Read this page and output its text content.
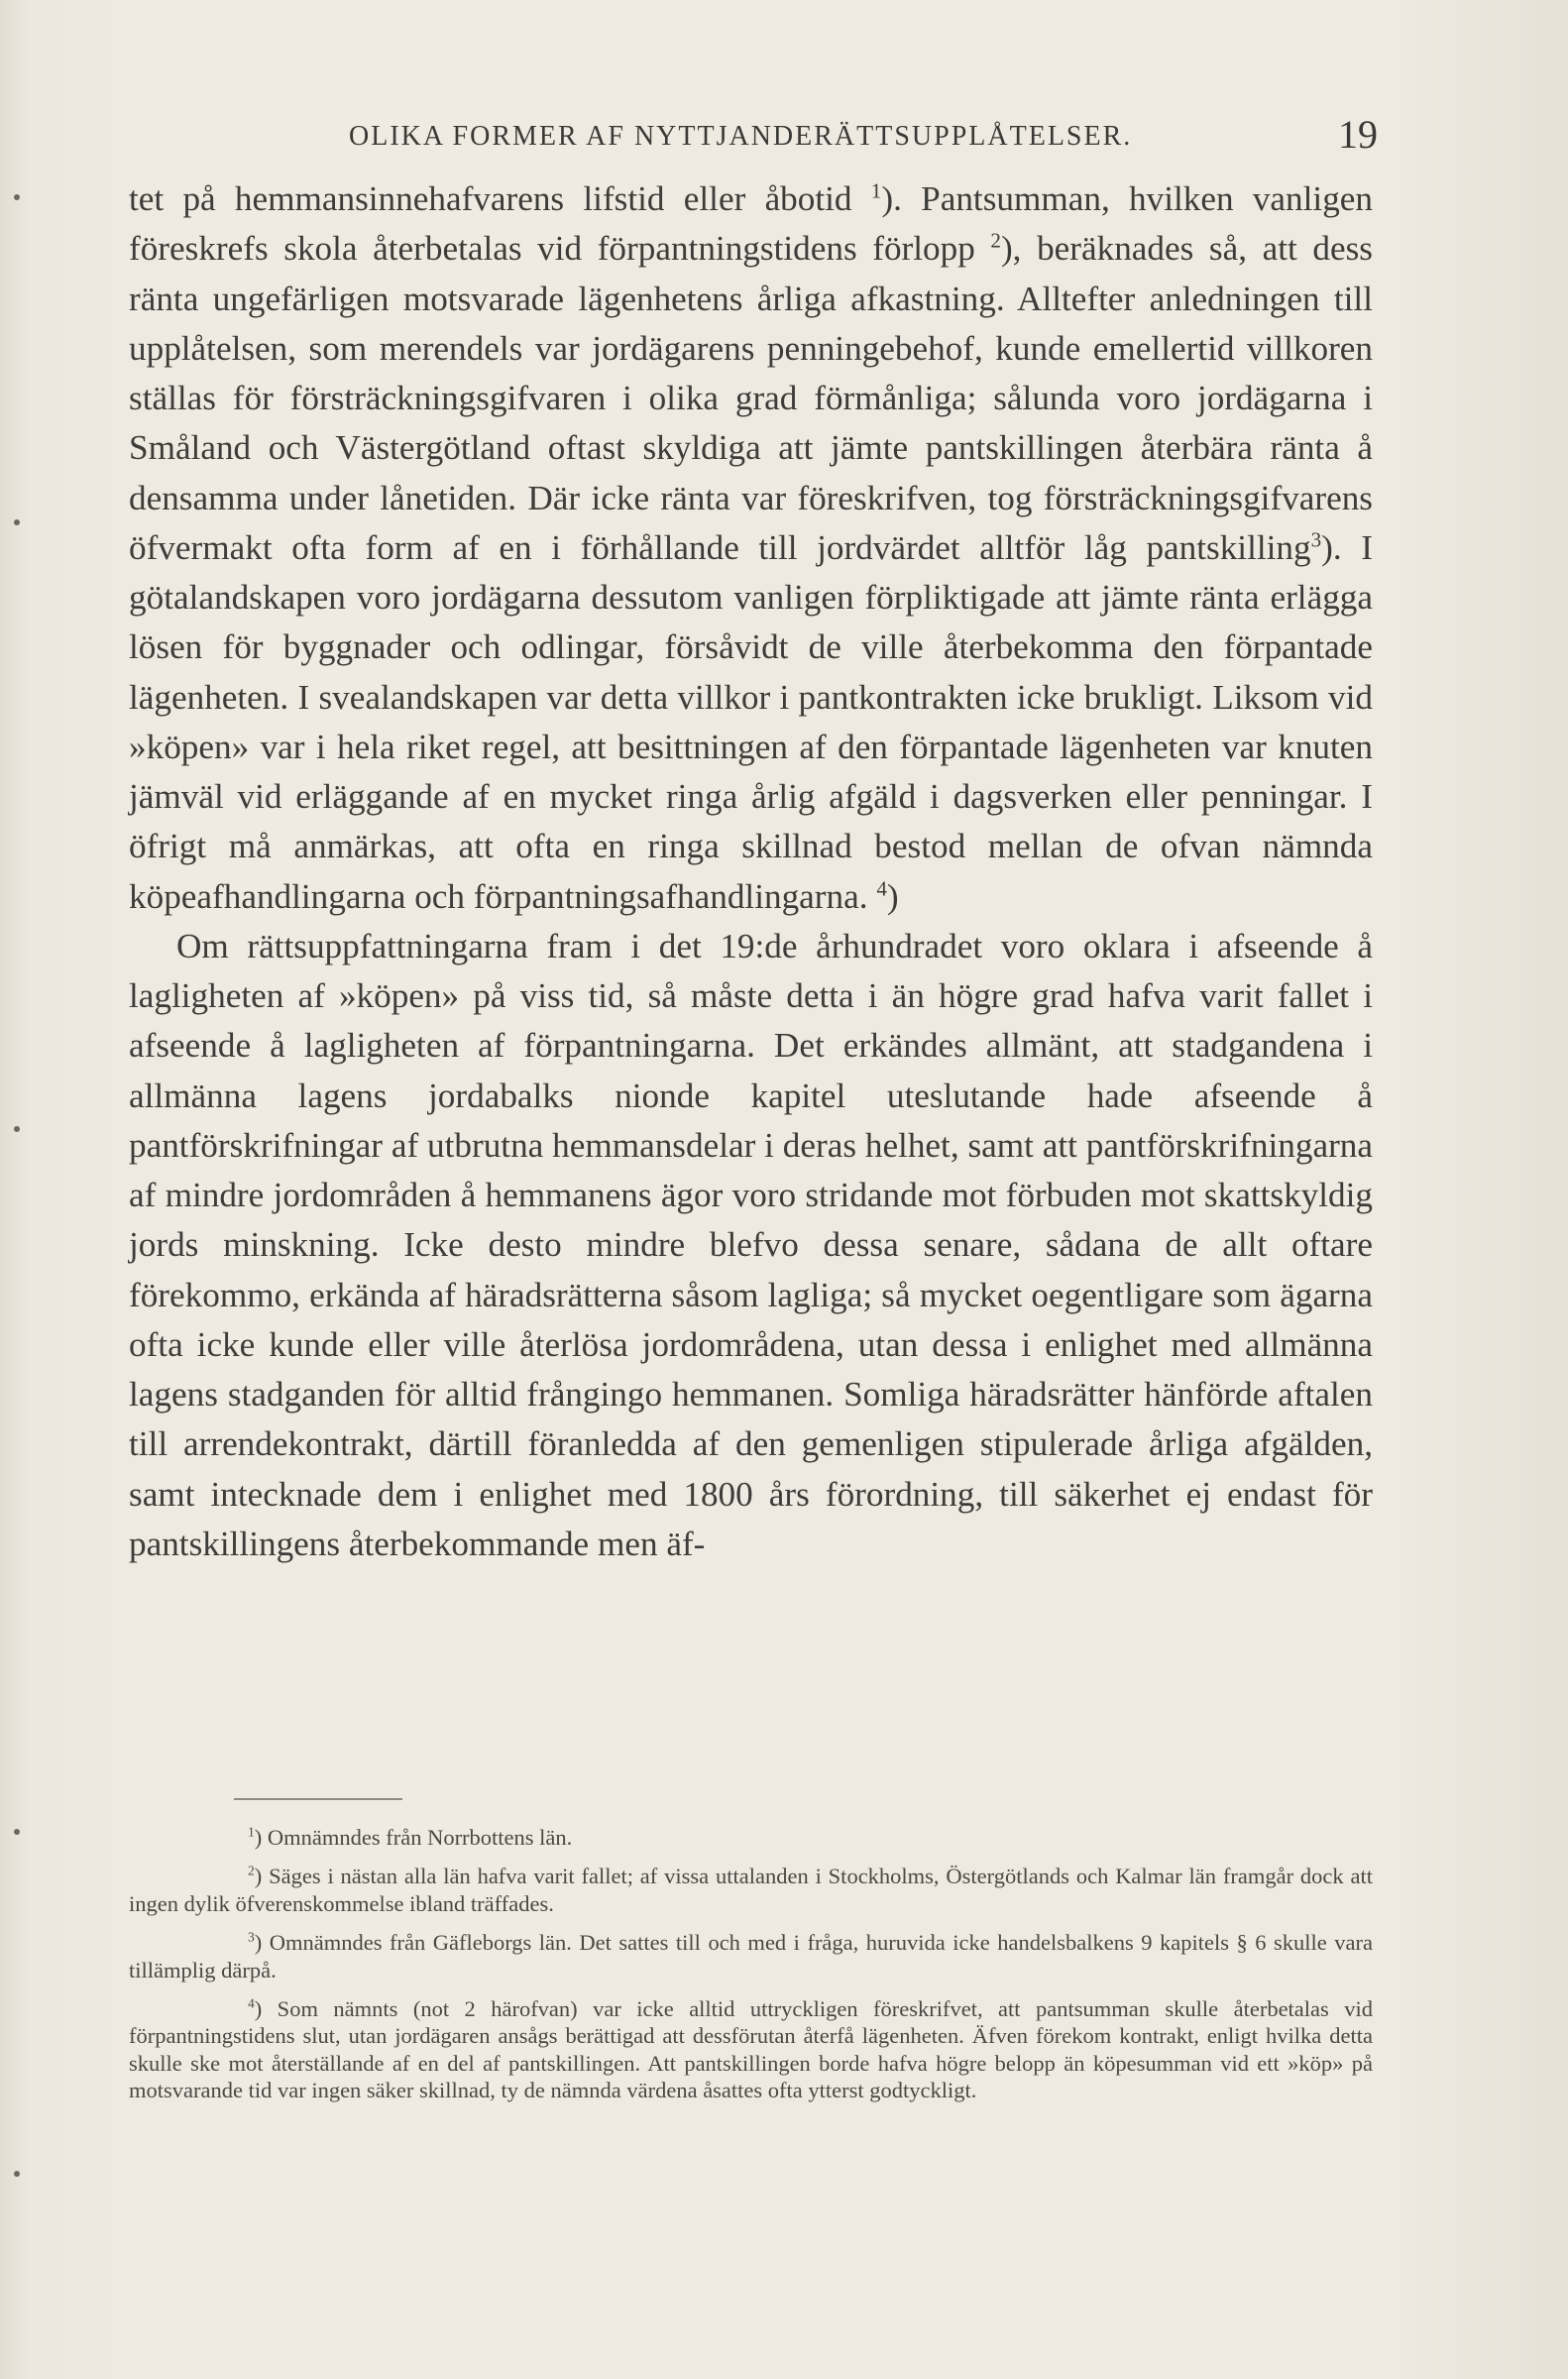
OLIKA FORMER AF NYTTJANDERÄTTSUPPLÅTELSER.	19

tet på hemmansinnehafvarens lifstid eller åbotid $^1$). Pantsumman, hvilken vanligen föreskrefs skola återbetalas vid förpantningstidens förlopp $^2$), beräknades så, att dess ränta ungefärligen motsvarade lägenhetens årliga afkastning. Alltefter anledningen till upplåtelsen, som merendels var jordägarens penningebehof, kunde emellertid villkoren ställas för försträckningsgifvaren i olika grad förmånliga; sålunda voro jordägarna i Småland och Västergötland oftast skyldiga att jämte pantskillingen återbära ränta å densamma under lånetiden. Där icke ränta var föreskrifven, tog försträckningsgifvarens öfvermakt ofta form af en i förhållande till jordvärdet alltför låg pantskilling$^3$). I götalandskapen voro jordägarna dessutom vanligen förpliktigade att jämte ränta erlägga lösen för byggnader och odlingar, försåvidt de ville återbekomma den förpantade lägenheten. I svealandskapen var detta villkor i pantkontrakten icke brukligt. Liksom vid »köpen» var i hela riket regel, att besittningen af den förpantade lägenheten var knuten jämväl vid erläggande af en mycket ringa årlig afgäld i dagsverken eller penningar. I öfrigt må anmärkas, att ofta en ringa skillnad bestod mellan de ofvan nämnda köpeafhandlingarna och förpantningsafhandlingarna. $^4$)

Om rättsuppfattningarna fram i det 19:de århundradet voro oklara i afseende å lagligheten af »köpen» på viss tid, så måste detta i än högre grad hafva varit fallet i afseende å lagligheten af förpantningarna. Det erkändes allmänt, att stadgandena i allmänna lagens jordabalks nionde kapitel uteslutande hade afseende å pantförskrifningar af utbrutna hemmansdelar i deras helhet, samt att pantförskrifningarna af mindre jordområden å hemmanens ägor voro stridande mot förbuden mot skattskyldig jords minskning. Icke desto mindre blefvo dessa senare, sådana de allt oftare förekommo, erkända af häradsrätterna såsom lagliga; så mycket oegentligare som ägarna ofta icke kunde eller ville återlösa jordområdena, utan dessa i enlighet med allmänna lagens stadganden för alltid frångingo hemmanen. Somliga häradsrätter hänförde aftalen till arrendekontrakt, därtill föranledda af den gemenligen stipulerade årliga afgälden, samt intecknade dem i enlighet med 1800 års förordning, till säkerhet ej endast för pantskillingens återbekommande men äf-

$^1$) Omnämndes från Norrbottens län.

$^2$) Säges i nästan alla län hafva varit fallet; af vissa uttalanden i Stockholms, Östergötlands och Kalmar län framgår dock att ingen dylik öfverenskommelse ibland träffades.

$^3$) Omnämndes från Gäfleborgs län. Det sattes till och med i fråga, huruvida icke handelsbalkens 9 kapitels § 6 skulle vara tillämplig därpå.

$^4$) Som nämnts (not 2 härofvan) var icke alltid uttryckligen föreskrifvet, att pantsumman skulle återbetalas vid förpantningstidens slut, utan jordägaren ansågs berättigad att dessförutan återfå lägenheten. Äfven förekom kontrakt, enligt hvilka detta skulle ske mot återställande af en del af pantskillingen. Att pantskillingen borde hafva högre belopp än köpesumman vid ett »köp» på motsvarande tid var ingen säker skillnad, ty de nämnda värdena åsattes ofta ytterst godtyckligt.
